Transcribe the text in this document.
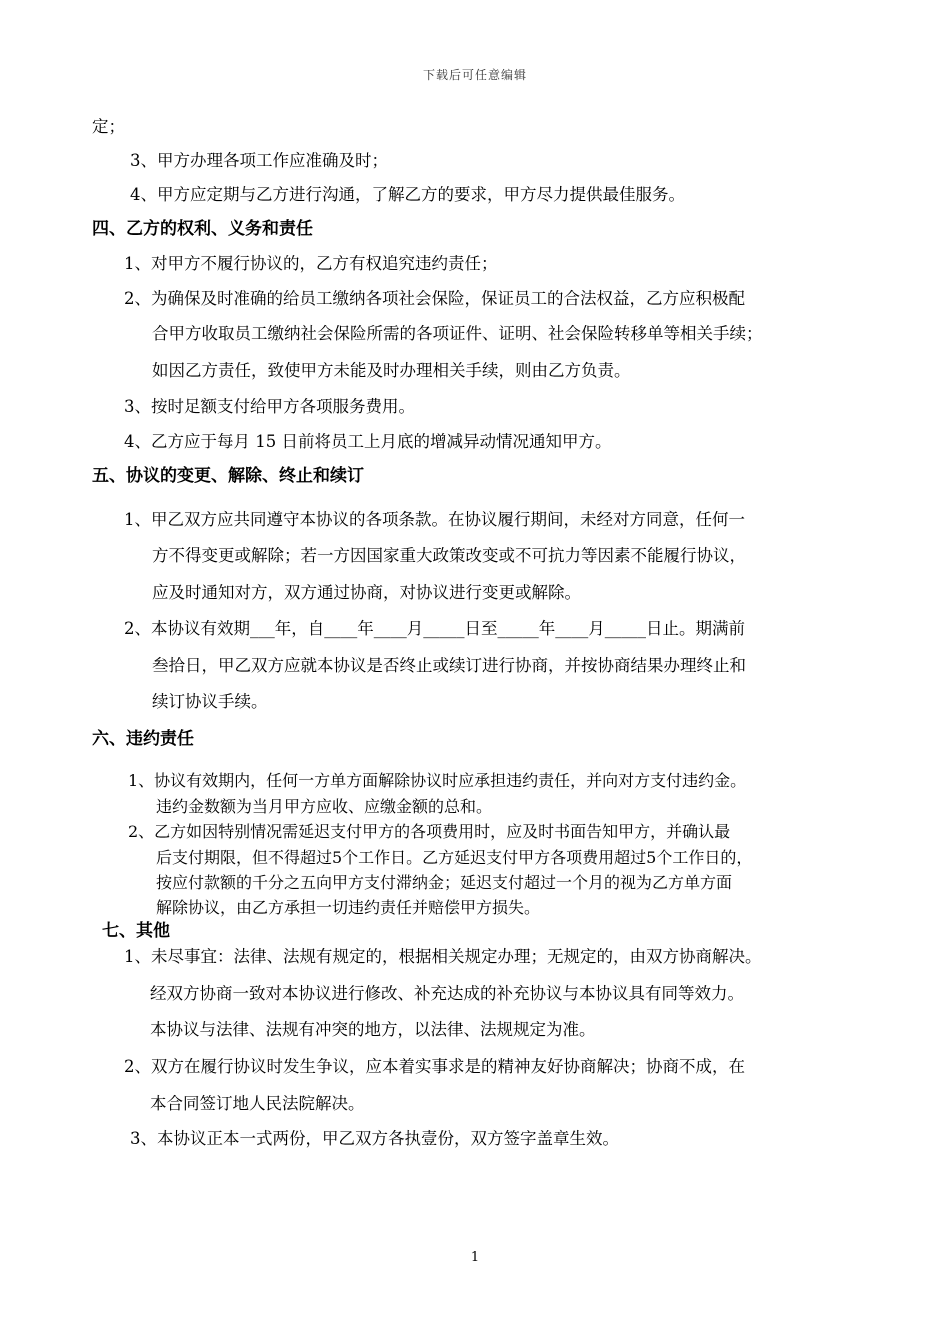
下载后可任意编辑
定；
3、甲方办理各项工作应准确及时；
4、甲方应定期与乙方进行沟通，了解乙方的要求，甲方尽力提供最佳服务。
四、乙方的权利、义务和责任
1、对甲方不履行协议的，乙方有权追究违约责任；
2、为确保及时准确的给员工缴纳各项社会保险，保证员工的合法权益，乙方应积极配
合甲方收取员工缴纳社会保险所需的各项证件、证明、社会保险转移单等相关手续；
如因乙方责任，致使甲方未能及时办理相关手续，则由乙方负责。
3、按时足额支付给甲方各项服务费用。
4、乙方应于每月 15 日前将员工上月底的增减异动情况通知甲方。
五、协议的变更、解除、终止和续订
1、甲乙双方应共同遵守本协议的各项条款。在协议履行期间，未经对方同意，任何一
方不得变更或解除；若一方因国家重大政策改变或不可抗力等因素不能履行协议，
应及时通知对方，双方通过协商，对协议进行变更或解除。
2、本协议有效期___年，自____年____月_____日至_____年____月_____日止。期满前
叁拾日，甲乙双方应就本协议是否终止或续订进行协商，并按协商结果办理终止和
续订协议手续。
六、违约责任
1、协议有效期内，任何一方单方面解除协议时应承担违约责任，并向对方支付违约金。
违约金数额为当月甲方应收、应缴金额的总和。
2、乙方如因特别情况需延迟支付甲方的各项费用时，应及时书面告知甲方，并确认最
后支付期限，但不得超过5个工作日。乙方延迟支付甲方各项费用超过5个工作日的，
按应付款额的千分之五向甲方支付滞纳金；延迟支付超过一个月的视为乙方单方面
解除协议，由乙方承担一切违约责任并赔偿甲方损失。
七、其他
1、未尽事宜：法律、法规有规定的，根据相关规定办理；无规定的，由双方协商解决。
经双方协商一致对本协议进行修改、补充达成的补充协议与本协议具有同等效力。
本协议与法律、法规有冲突的地方，以法律、法规规定为准。
2、双方在履行协议时发生争议，应本着实事求是的精神友好协商解决；协商不成，在
本合同签订地人民法院解决。
3、本协议正本一式两份，甲乙双方各执壹份，双方签字盖章生效。
1
